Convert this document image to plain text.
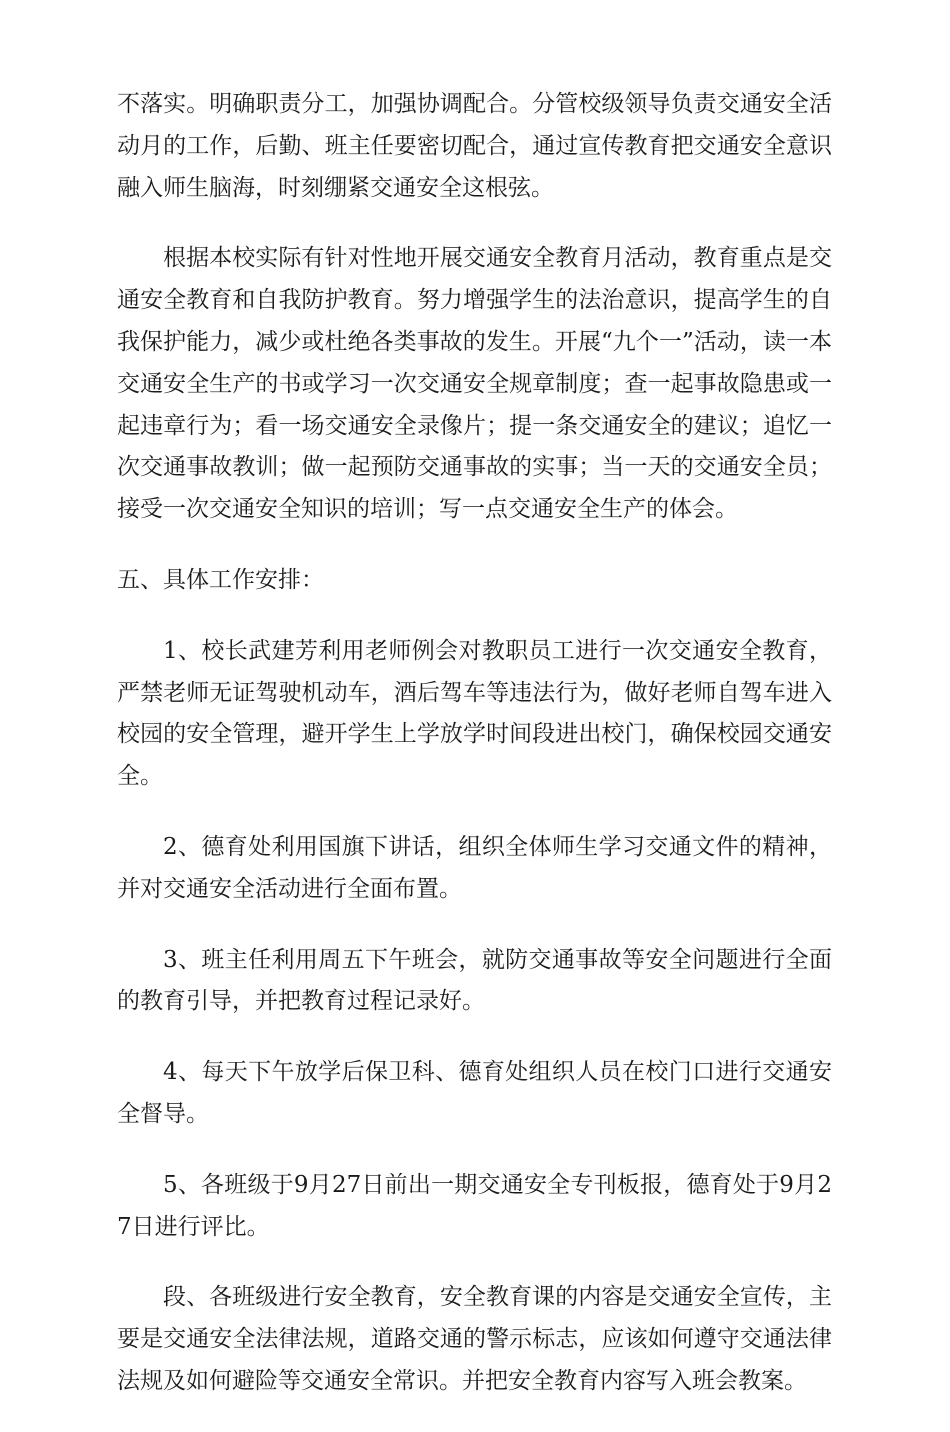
不落实。明确职责分工，加强协调配合。分管校级领导负责交通安全活动月的工作，后勤、班主任要密切配合，通过宣传教育把交通安全意识融入师生脑海，时刻绷紧交通安全这根弦。

根据本校实际有针对性地开展交通安全教育月活动，教育重点是交通安全教育和自我防护教育。努力增强学生的法治意识，提高学生的自我保护能力，减少或杜绝各类事故的发生。开展“九个一”活动，读一本交通安全生产的书或学习一次交通安全规章制度；查一起事故隐患或一起违章行为；看一场交通安全录像片；提一条交通安全的建议；追忆一次交通事故教训；做一起预防交通事故的实事；当一天的交通安全员；接受一次交通安全知识的培训；写一点交通安全生产的体会。

五、具体工作安排：

1、校长武建芳利用老师例会对教职员工进行一次交通安全教育，严禁老师无证驾驶机动车，酒后驾车等违法行为，做好老师自驾车进入校园的安全管理，避开学生上学放学时间段进出校门，确保校园交通安全。

2、德育处利用国旗下讲话，组织全体师生学习交通文件的精神，并对交通安全活动进行全面布置。

3、班主任利用周五下午班会，就防交通事故等安全问题进行全面的教育引导，并把教育过程记录好。

4、每天下午放学后保卫科、德育处组织人员在校门口进行交通安全督导。

5、各班级于9月27日前出一期交通安全专刊板报，德育处于9月27日进行评比。

段、各班级进行安全教育，安全教育课的内容是交通安全宣传，主要是交通安全法律法规，道路交通的警示标志，应该如何遵守交通法律法规及如何避险等交通安全常识。并把安全教育内容写入班会教案。
